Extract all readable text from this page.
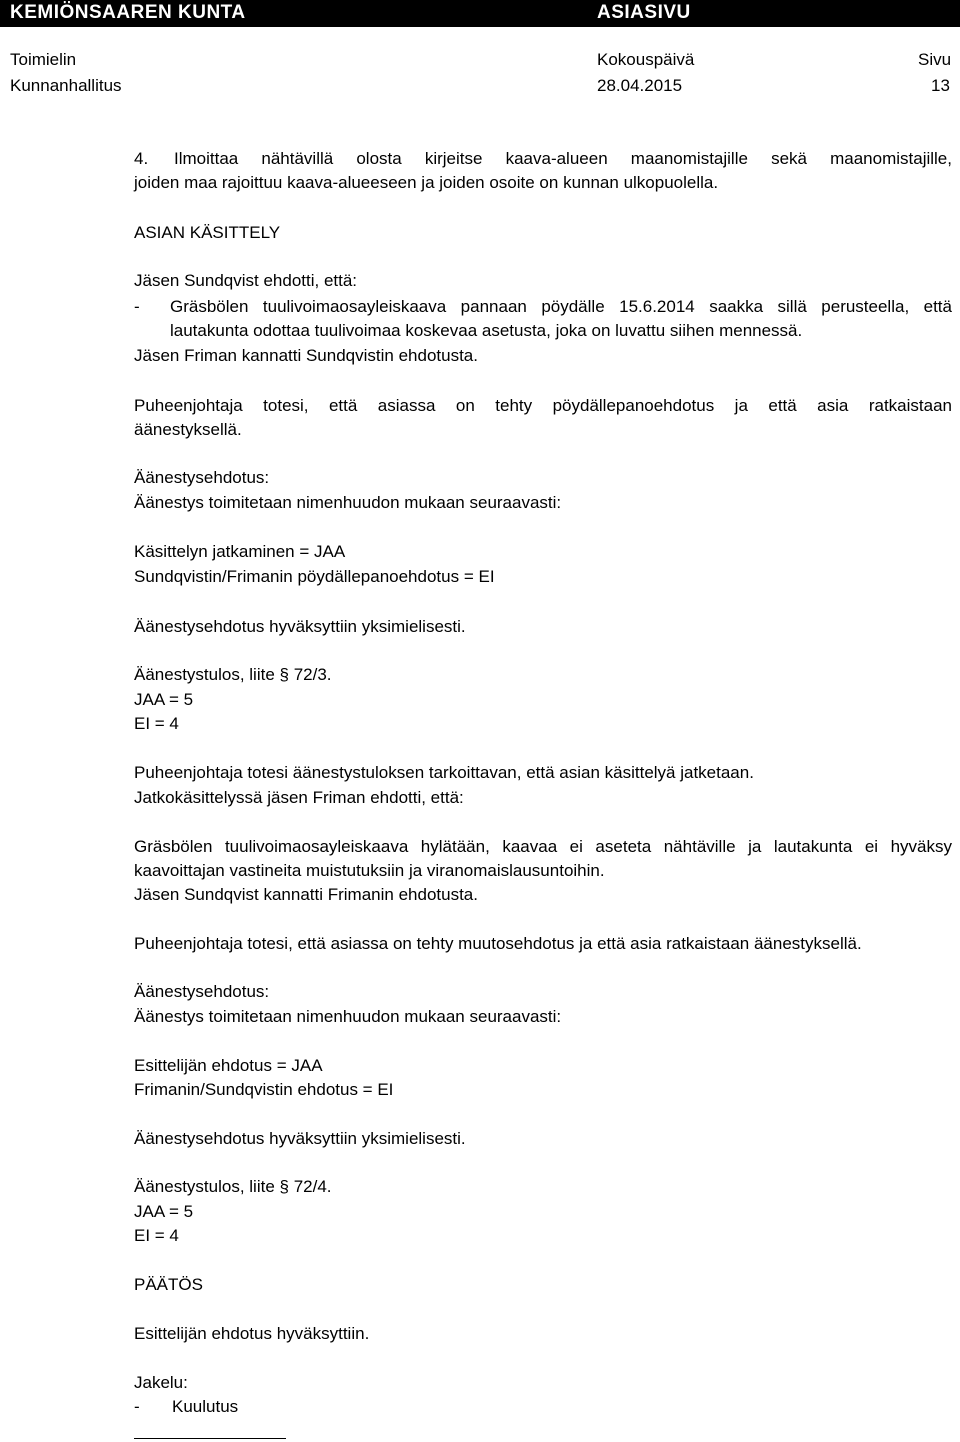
KEMIÖNSAAREN KUNTA	ASIASIVU
Toimielin
Kunnanhallitus
Kokouspäivä
28.04.2015
Sivu
13
4. Ilmoittaa nähtävillä olosta kirjeitse kaava-alueen maanomistajille sekä maanomistajille,
joiden maa rajoittuu kaava-alueeseen ja joiden osoite on kunnan ulkopuolella.
ASIAN KÄSITTELY
Jäsen Sundqvist ehdotti, että:
- Gräsbölen tuulivoimaosayleiskaava pannaan pöydälle 15.6.2014 saakka sillä perusteella, että
lautakunta odottaa tuulivoimaa koskevaa asetusta, joka on luvattu siihen mennessä.
Jäsen Friman kannatti Sundqvistin ehdotusta.
Puheenjohtaja totesi, että asiassa on tehty pöydällepanoehdotus ja että asia ratkaistaan
äänestyksellä.
Äänestysehdotus:
Äänestys toimitetaan nimenhuudon mukaan seuraavasti:
Käsittelyn jatkaminen = JAA
Sundqvistin/Frimanin pöydällepanoehdotus = EI
Äänestysehdotus hyväksyttiin yksimielisesti.
Äänestystulos, liite § 72/3.
JAA = 5
EI = 4
Puheenjohtaja totesi äänestystuloksen tarkoittavan, että asian käsittelyä jatketaan.
Jatkokäsittelyssä jäsen Friman ehdotti, että:
Gräsbölen tuulivoimaosayleiskaava hylätään, kaavaa ei aseteta nähtäville ja lautakunta ei hyväksy
kaavoittajan vastineita muistutuksiin ja viranomaislausuntoihin.
Jäsen Sundqvist kannatti Frimanin ehdotusta.
Puheenjohtaja totesi, että asiassa on tehty muutosehdotus ja että asia ratkaistaan äänestyksellä.
Äänestysehdotus:
Äänestys toimitetaan nimenhuudon mukaan seuraavasti:
Esittelijän ehdotus = JAA
Frimanin/Sundqvistin ehdotus = EI
Äänestysehdotus hyväksyttiin yksimielisesti.
Äänestystulos, liite § 72/4.
JAA = 5
EI = 4
PÄÄTÖS
Esittelijän ehdotus hyväksyttiin.
Jakelu:
- Kuulutus
